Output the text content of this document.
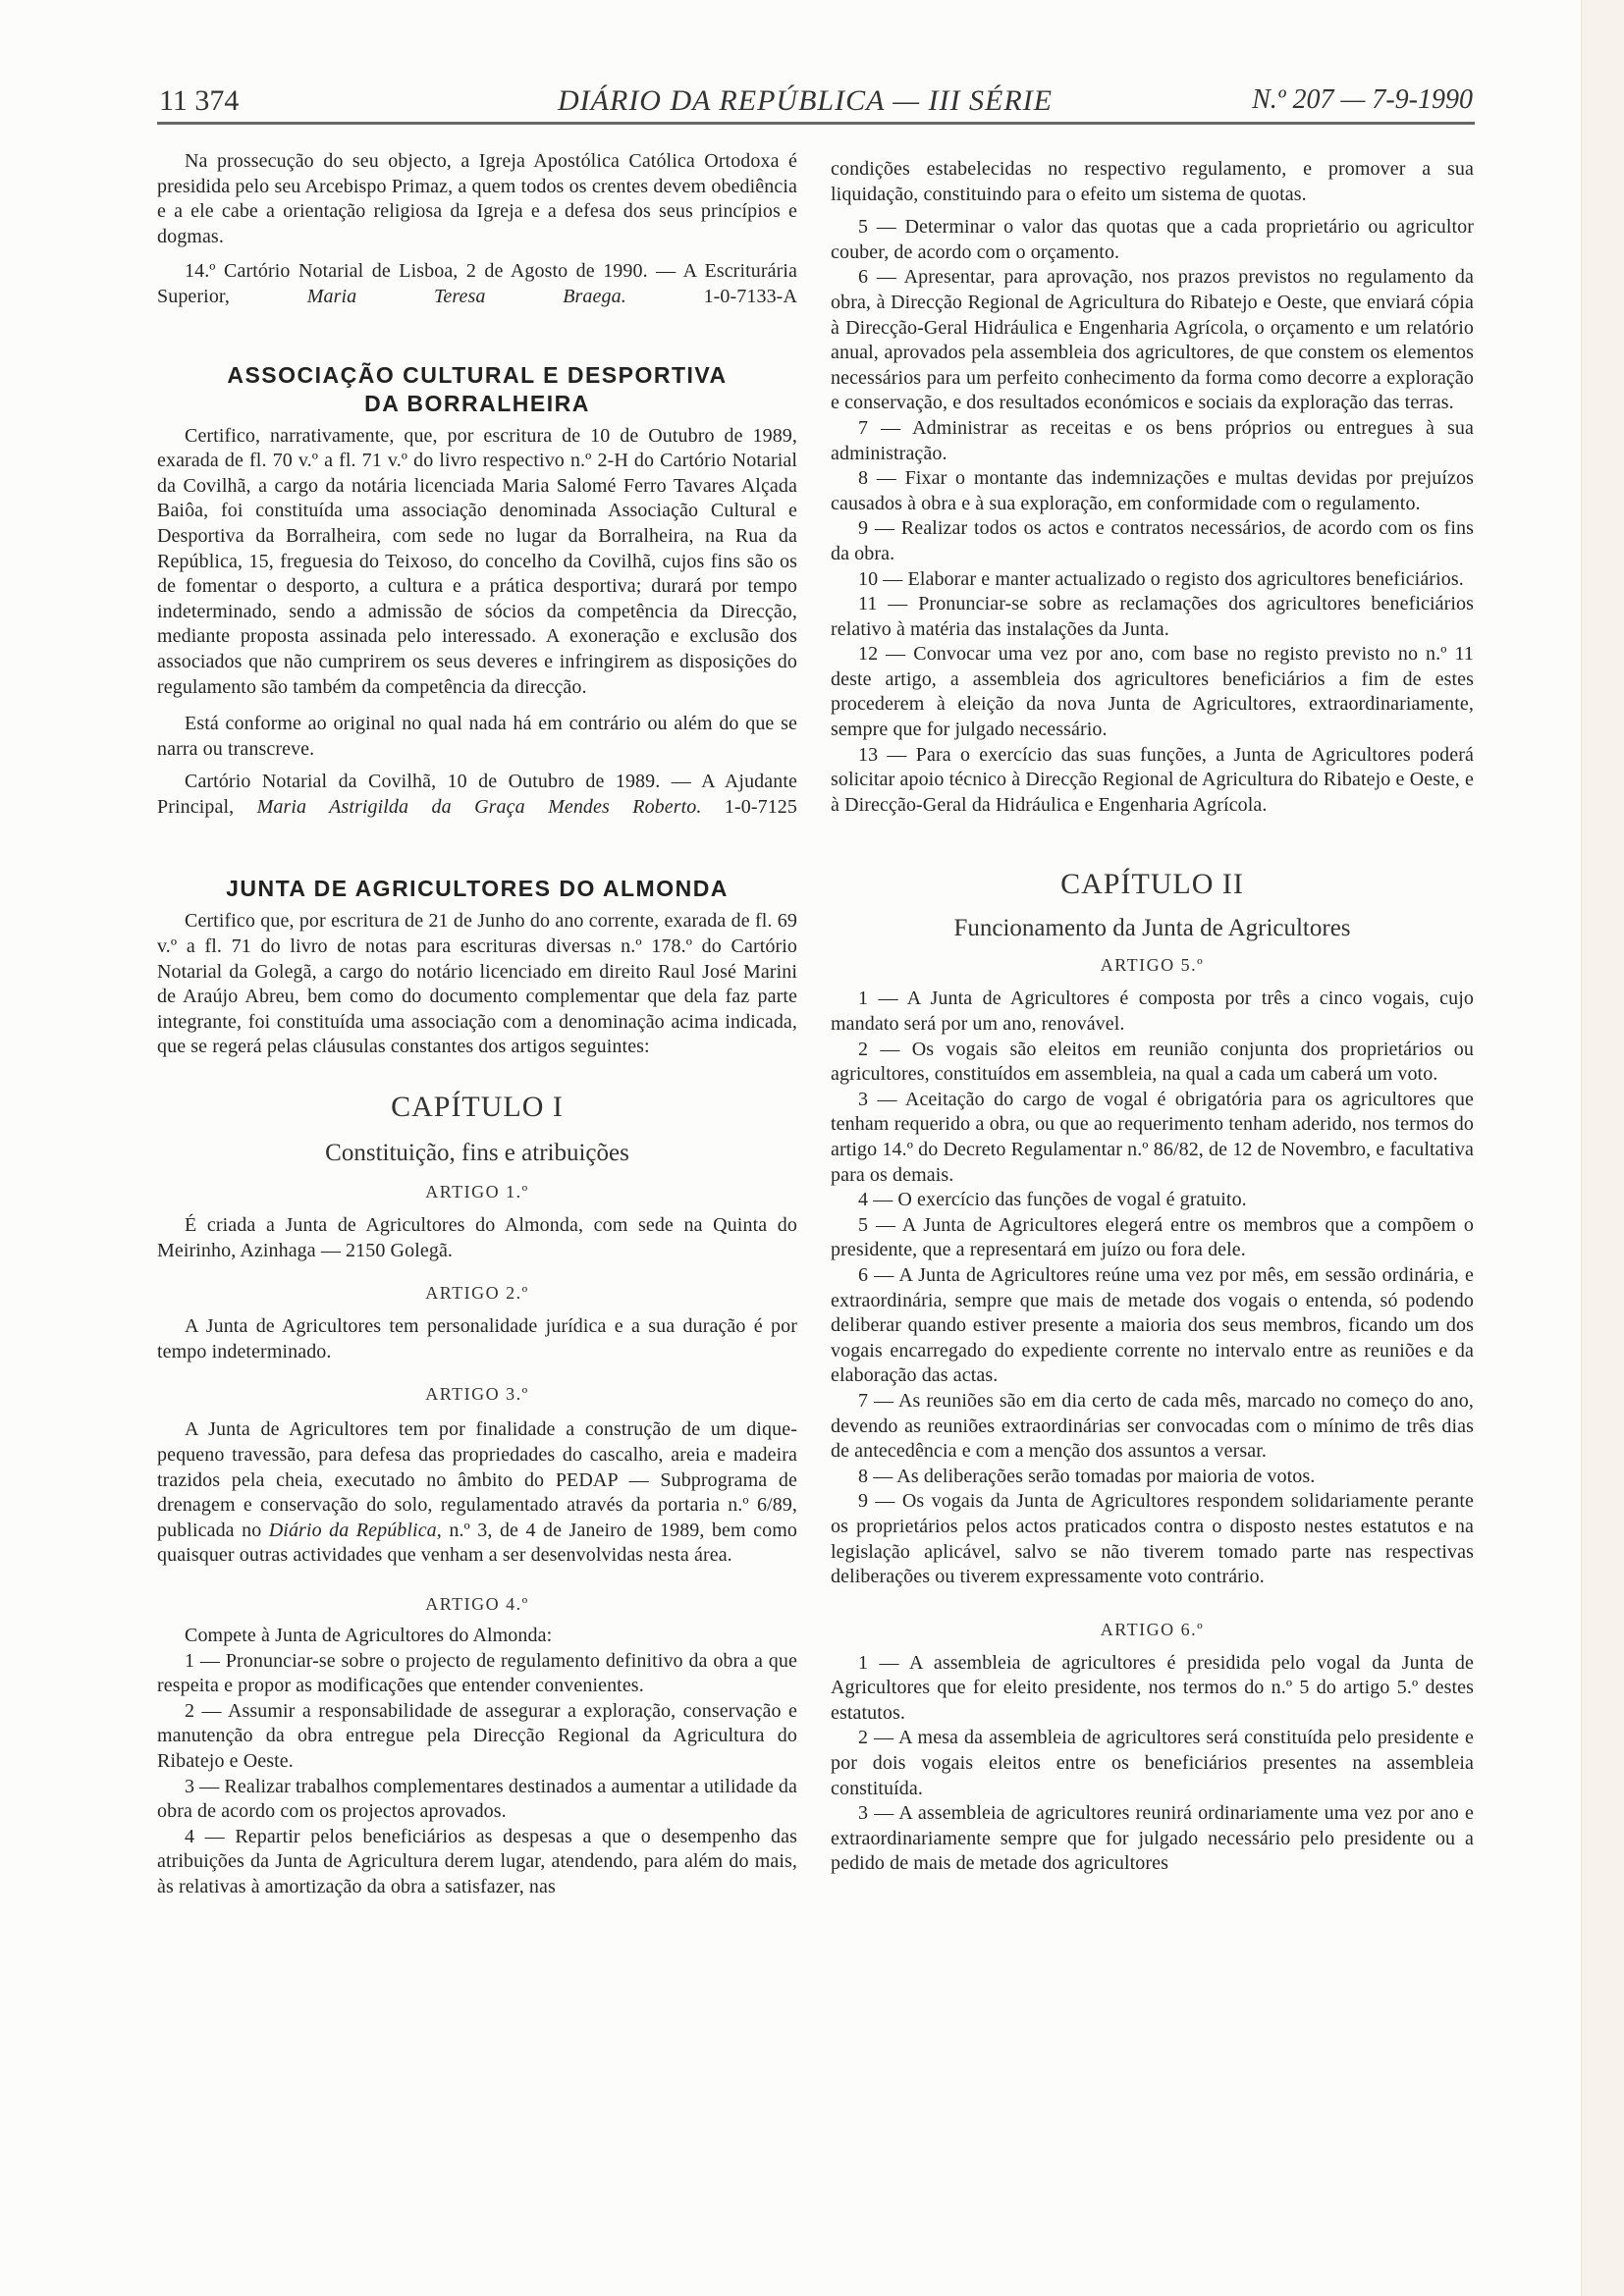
11 374	DIÁRIO DA REPÚBLICA — III SÉRIE	N.º 207 — 7-9-1990

Na prossecução do seu objecto, a Igreja Apostólica Católica Ortodoxa é presidida pelo seu Arcebispo Primaz, a quem todos os crentes devem obediência e a ele cabe a orientação religiosa da Igreja e a defesa dos seus princípios e dogmas.

14.º Cartório Notarial de Lisboa, 2 de Agosto de 1990. — A Escriturária Superior,	Maria Teresa Braega.	1-0-7133-A

ASSOCIAÇÃO CULTURAL E DESPORTIVA
DA BORRALHEIRA

Certifico, narrativamente, que, por escritura de 10 de Outubro de 1989, exarada de fl. 70 v.º a fl. 71 v.º do livro respectivo n.º 2-H do Cartório Notarial da Covilhã, a cargo da notária licenciada Maria Salomé Ferro Tavares Alçada Baiôa, foi constituída uma associação denominada Associação Cultural e Desportiva da Borralheira, com sede no lugar da Borralheira, na Rua da República, 15, freguesia do Teixoso, do concelho da Covilhã, cujos fins são os de fomentar o desporto, a cultura e a prática desportiva; durará por tempo indeterminado, sendo a admissão de sócios da competência da Direcção, mediante proposta assinada pelo interessado. A exoneração e exclusão dos associados que não cumprirem os seus deveres e infringirem as disposições do regulamento são também da competência da direcção.

Está conforme ao original no qual nada há em contrário ou além do que se narra ou transcreve.

Cartório Notarial da Covilhã, 10 de Outubro de 1989. — A Ajudante Principal, Maria Astrigilda da Graça Mendes Roberto. 1-0-7125

JUNTA DE AGRICULTORES DO ALMONDA

Certifico que, por escritura de 21 de Junho do ano corrente, exarada de fl. 69 v.º a fl. 71 do livro de notas para escrituras diversas n.º 178.º do Cartório Notarial da Golegã, a cargo do notário licenciado em direito Raul José Marini de Araújo Abreu, bem como do documento complementar que dela faz parte integrante, foi constituída uma associação com a denominação acima indicada, que se regerá pelas cláusulas constantes dos artigos seguintes:

CAPÍTULO I
Constituição, fins e atribuições
ARTIGO 1.º

É criada a Junta de Agricultores do Almonda, com sede na Quinta do Meirinho, Azinhaga — 2150 Golegã.

ARTIGO 2.º

A Junta de Agricultores tem personalidade jurídica e a sua duração é por tempo indeterminado.

ARTIGO 3.º

A Junta de Agricultores tem por finalidade a construção de um dique-pequeno travessão, para defesa das propriedades do cascalho, areia e madeira trazidos pela cheia, executado no âmbito do PEDAP — Subprograma de drenagem e conservação do solo, regulamentado através da portaria n.º 6/89, publicada no Diário da República, n.º 3, de 4 de Janeiro de 1989, bem como quaisquer outras actividades que venham a ser desenvolvidas nesta área.

ARTIGO 4.º

Compete à Junta de Agricultores do Almonda:

1 — Pronunciar-se sobre o projecto de regulamento definitivo da obra a que respeita e propor as modificações que entender convenientes.

2 — Assumir a responsabilidade de assegurar a exploração, conservação e manutenção da obra entregue pela Direcção Regional da Agricultura do Ribatejo e Oeste.

3 — Realizar trabalhos complementares destinados a aumentar a utilidade da obra de acordo com os projectos aprovados.

4 — Repartir pelos beneficiários as despesas a que o desempenho das atribuições da Junta de Agricultura derem lugar, atendendo, para além do mais, às relativas à amortização da obra a satisfazer, nas

condições estabelecidas no respectivo regulamento, e promover a sua liquidação, constituindo para o efeito um sistema de quotas.

5 — Determinar o valor das quotas que a cada proprietário ou agricultor couber, de acordo com o orçamento.

6 — Apresentar, para aprovação, nos prazos previstos no regulamento da obra, à Direcção Regional de Agricultura do Ribatejo e Oeste, que enviará cópia à Direcção-Geral Hidráulica e Engenharia Agrícola, o orçamento e um relatório anual, aprovados pela assembleia dos agricultores, de que constem os elementos necessários para um perfeito conhecimento da forma como decorre a exploração e conservação, e dos resultados económicos e sociais da exploração das terras.

7 — Administrar as receitas e os bens próprios ou entregues à sua administração.

8 — Fixar o montante das indemnizações e multas devidas por prejuízos causados à obra e à sua exploração, em conformidade com o regulamento.

9 — Realizar todos os actos e contratos necessários, de acordo com os fins da obra.

10 — Elaborar e manter actualizado o registo dos agricultores beneficiários.

11 — Pronunciar-se sobre as reclamações dos agricultores beneficiários relativo à matéria das instalações da Junta.

12 — Convocar uma vez por ano, com base no registo previsto no n.º 11 deste artigo, a assembleia dos agricultores beneficiários a fim de estes procederem à eleição da nova Junta de Agricultores, extraordinariamente, sempre que for julgado necessário.

13 — Para o exercício das suas funções, a Junta de Agricultores poderá solicitar apoio técnico à Direcção Regional de Agricultura do Ribatejo e Oeste, e à Direcção-Geral da Hidráulica e Engenharia Agrícola.

CAPÍTULO II
Funcionamento da Junta de Agricultores
ARTIGO 5.º

1 — A Junta de Agricultores é composta por três a cinco vogais, cujo mandato será por um ano, renovável.

2 — Os vogais são eleitos em reunião conjunta dos proprietários ou agricultores, constituídos em assembleia, na qual a cada um caberá um voto.

3 — Aceitação do cargo de vogal é obrigatória para os agricultores que tenham requerido a obra, ou que ao requerimento tenham aderido, nos termos do artigo 14.º do Decreto Regulamentar n.º 86/82, de 12 de Novembro, e facultativa para os demais.

4 — O exercício das funções de vogal é gratuito.

5 — A Junta de Agricultores elegerá entre os membros que a compõem o presidente, que a representará em juízo ou fora dele.

6 — A Junta de Agricultores reúne uma vez por mês, em sessão ordinária, e extraordinária, sempre que mais de metade dos vogais o entenda, só podendo deliberar quando estiver presente a maioria dos seus membros, ficando um dos vogais encarregado do expediente corrente no intervalo entre as reuniões e da elaboração das actas.

7 — As reuniões são em dia certo de cada mês, marcado no começo do ano, devendo as reuniões extraordinárias ser convocadas com o mínimo de três dias de antecedência e com a menção dos assuntos a versar.

8 — As deliberações serão tomadas por maioria de votos.

9 — Os vogais da Junta de Agricultores respondem solidariamente perante os proprietários pelos actos praticados contra o disposto nestes estatutos e na legislação aplicável, salvo se não tiverem tomado parte nas respectivas deliberações ou tiverem expressamente voto contrário.

ARTIGO 6.º

1 — A assembleia de agricultores é presidida pelo vogal da Junta de Agricultores que for eleito presidente, nos termos do n.º 5 do artigo 5.º destes estatutos.

2 — A mesa da assembleia de agricultores será constituída pelo presidente e por dois vogais eleitos entre os beneficiários presentes na assembleia constituída.

3 — A assembleia de agricultores reunirá ordinariamente uma vez por ano e extraordinariamente sempre que for julgado necessário pelo presidente ou a pedido de mais de metade dos agricultores
